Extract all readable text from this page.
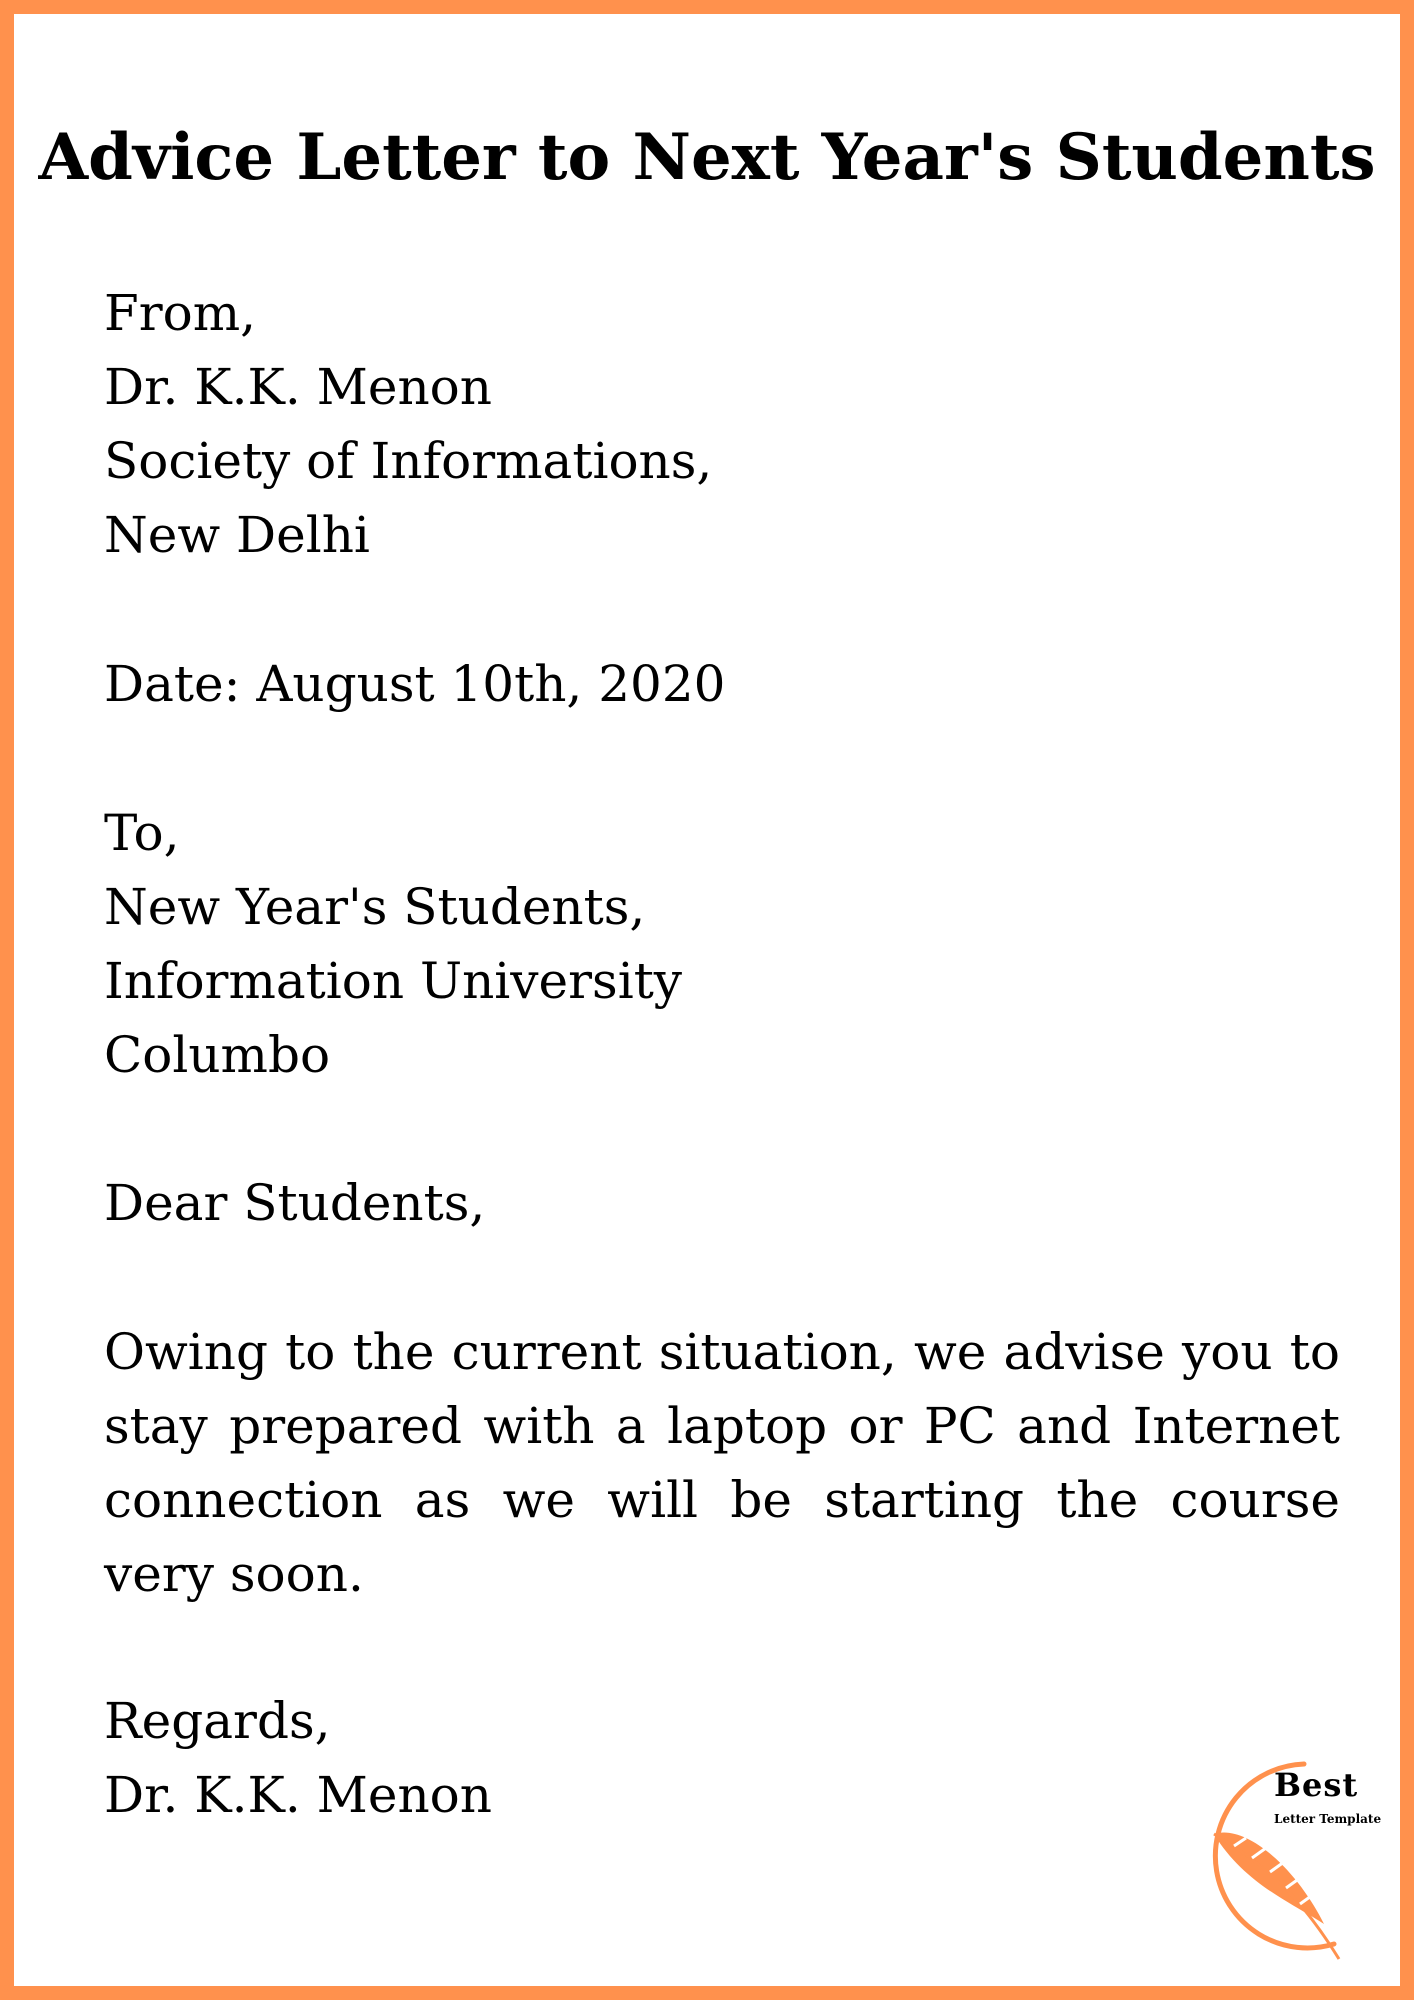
Advice Letter to Next Year's Students
From,
Dr. K.K. Menon
Society of Informations,
New Delhi
Date: August 10th, 2020
To,
New Year's Students,
Information University
Columbo
Dear Students,

Owing to the current situation, we advise you to stay prepared with a laptop or PC and Internet connection as we will be starting the course very soon.

Regards,
Dr. K.K. Menon	Best
Letter Template
